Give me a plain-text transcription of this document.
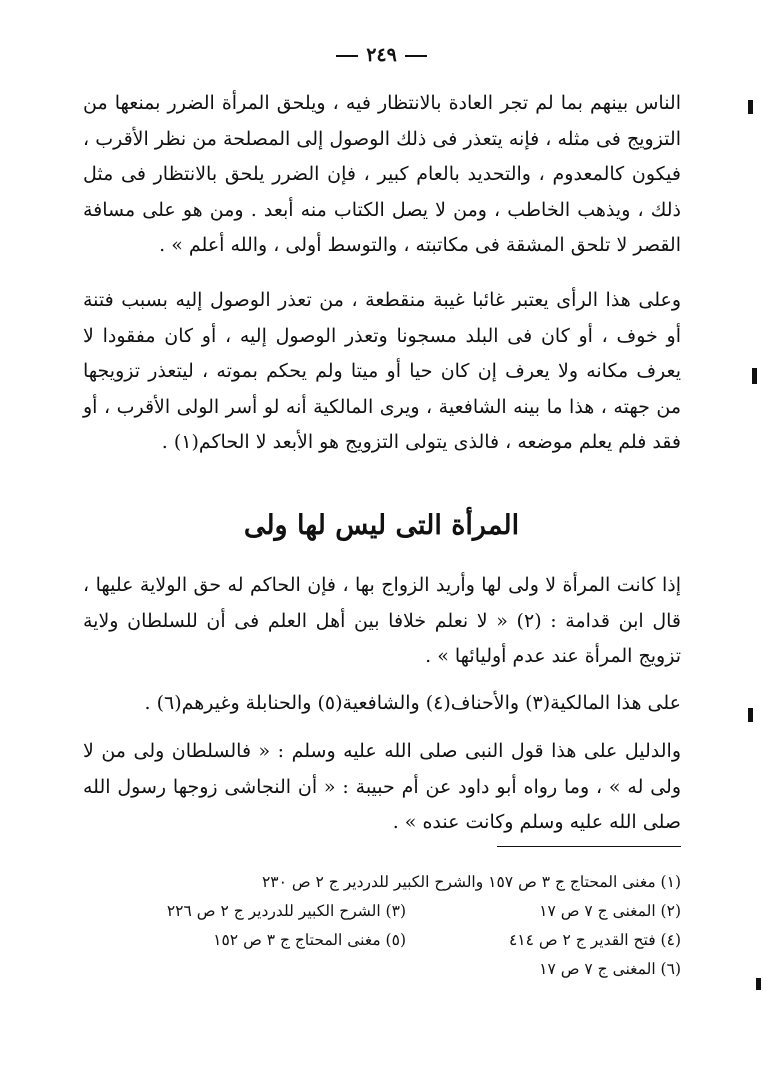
٢٤٩

الناس بينهم بما لم تجر العادة بالانتظار فيه ، ويلحق المرأة الضرر بمنعها من التزويج فى مثله ، فإنه يتعذر فى ذلك الوصول إلى المصلحة من نظر الأقرب ، فيكون كالمعدوم ، والتحديد بالعام كبير ، فإن الضرر يلحق بالانتظار فى مثل ذلك ، ويذهب الخاطب ، ومن لا يصل الكتاب منه أبعد . ومن هو على مسافة القصر لا تلحق المشقة فى مكاتبته ، والتوسط أولى ، والله أعلم » .

وعلى هذا الرأى يعتبر غائبا غيبة منقطعة ، من تعذر الوصول إليه بسبب فتنة أو خوف ، أو كان فى البلد مسجونا وتعذر الوصول إليه ، أو كان مفقودا لا يعرف مكانه ولا يعرف إن كان حيا أو ميتا ولم يحكم بموته ، ليتعذر تزويجها من جهته ، هذا ما بينه الشافعية ، ويرى المالكية أنه لو أسر الولى الأقرب ، أو فقد فلم يعلم موضعه ، فالذى يتولى التزويج هو الأبعد لا الحاكم(١) .

المرأة التى ليس لها ولى

إذا كانت المرأة لا ولى لها وأريد الزواج بها ، فإن الحاكم له حق الولاية عليها ، قال ابن قدامة : (٢) « لا نعلم خلافا بين أهل العلم فى أن للسلطان ولاية تزويج المرأة عند عدم أوليائها » .

على هذا المالكية(٣) والأحناف(٤) والشافعية(٥) والحنابلة وغيرهم(٦) .

والدليل على هذا قول النبى صلى الله عليه وسلم : « فالسلطان ولى من لا ولى له » ، وما رواه أبو داود عن أم حبيبة : « أن النجاشى زوجها رسول الله صلى الله عليه وسلم وكانت عنده » .

(١) مغنى المحتاج ج ٣ ص ١٥٧ والشرح الكبير للدردير ج ٢ ص ٢٣٠
(٢) المغنى ج ٧ ص ١٧
(٣) الشرح الكبير للدردير ج ٢ ص ٢٢٦
(٤) فتح القدير ج ٢ ص ٤١٤
(٥) مغنى المحتاج ج ٣ ص ١٥٢
(٦) المغنى ج ٧ ص ١٧
